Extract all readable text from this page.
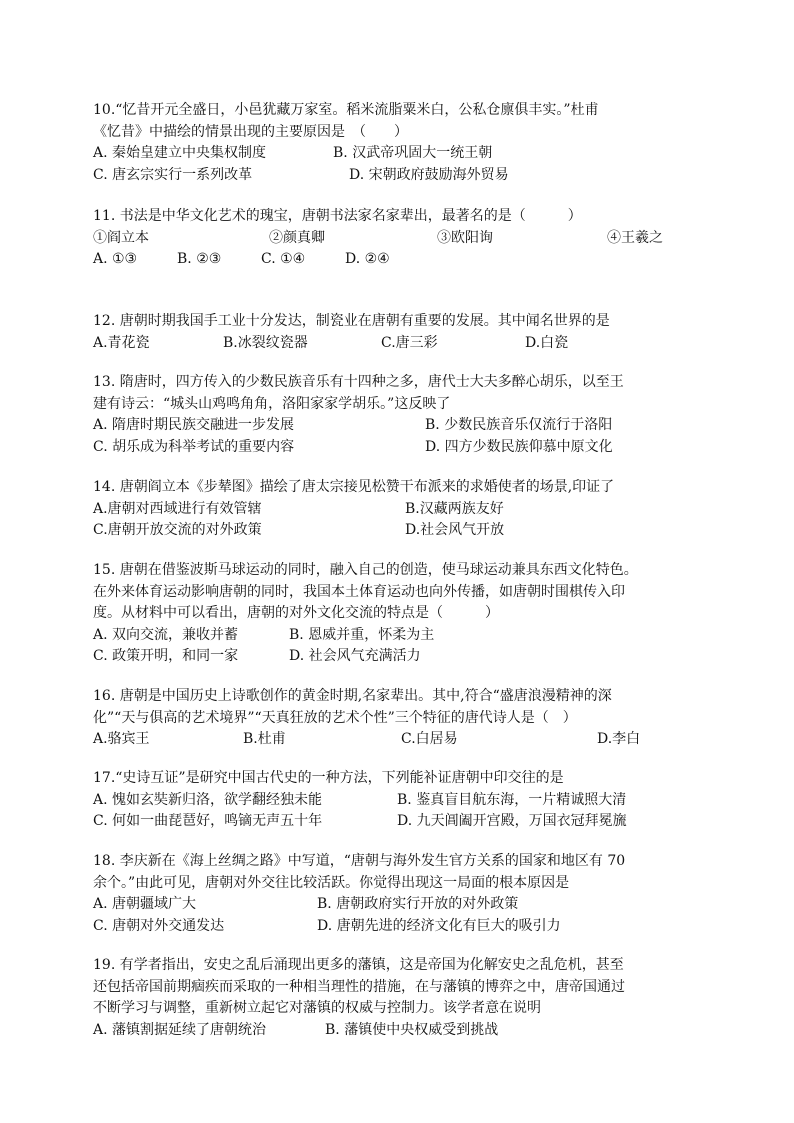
10.“忆昔开元全盛日，小邑犹藏万家室。稻米流脂粟米白，公私仓廪俱丰实。”杜甫
《忆昔》中描绘的情景出现的主要原因是　（　　）
A. 秦始皇建立中央集权制度	B. 汉武帝巩固大一统王朝
C. 唐玄宗实行一系列改革	D. 宋朝政府鼓励海外贸易
11. 书法是中华文化艺术的瑰宝，唐朝书法家名家辈出，最著名的是（　　　）
①阎立本	②颜真卿	③欧阳询	④王羲之
A. ①③	B. ②③	C. ①④	D. ②④
12. 唐朝时期我国手工业十分发达，制瓷业在唐朝有重要的发展。其中闻名世界的是
A.青花瓷	B.冰裂纹瓷器	C.唐三彩	D.白瓷
13. 隋唐时，四方传入的少数民族音乐有十四种之多，唐代士大夫多醉心胡乐，以至王
建有诗云：“城头山鸡鸣角角，洛阳家家学胡乐。”这反映了
A. 隋唐时期民族交融进一步发展	B. 少数民族音乐仅流行于洛阳
C. 胡乐成为科举考试的重要内容	D. 四方少数民族仰慕中原文化
14. 唐朝阎立本《步辇图》描绘了唐太宗接见松赞干布派来的求婚使者的场景,印证了
A.唐朝对西域进行有效管辖	B.汉藏两族友好
C.唐朝开放交流的对外政策	D.社会风气开放
15. 唐朝在借鉴波斯马球运动的同时，融入自己的创造，使马球运动兼具东西文化特色。
在外来体育运动影响唐朝的同时，我国本土体育运动也向外传播，如唐朝时围棋传入印
度。从材料中可以看出，唐朝的对外文化交流的特点是（　　　）
A. 双向交流，兼收并蓄	B. 恩威并重，怀柔为主
C. 政策开明，和同一家	D. 社会风气充满活力
16. 唐朝是中国历史上诗歌创作的黄金时期,名家辈出。其中,符合“盛唐浪漫精神的深
化”“天与俱高的艺术境界”“天真狂放的艺术个性”三个特征的唐代诗人是（　）
A.骆宾王	B.杜甫	C.白居易	D.李白
17.“史诗互证”是研究中国古代史的一种方法，下列能补证唐朝中印交往的是
A. 愧如玄奘新归洛，欲学翻经独未能	B. 鉴真盲目航东海，一片精诚照大清
C. 何如一曲琵琶好，鸣镝无声五十年	D. 九天阊阖开宫殿，万国衣冠拜冕旒
18. 李庆新在《海上丝绸之路》中写道，“唐朝与海外发生官方关系的国家和地区有 70
余个。”由此可见，唐朝对外交往比较活跃。你觉得出现这一局面的根本原因是
A. 唐朝疆域广大	B. 唐朝政府实行开放的对外政策
C. 唐朝对外交通发达	D. 唐朝先进的经济文化有巨大的吸引力
19. 有学者指出，安史之乱后涌现出更多的藩镇，这是帝国为化解安史之乱危机，甚至
还包括帝国前期痼疾而采取的一种相当理性的措施，在与藩镇的博弈之中，唐帝国通过
不断学习与调整，重新树立起它对藩镇的权威与控制力。该学者意在说明
A. 藩镇割据延续了唐朝统治	B. 藩镇使中央权威受到挑战
